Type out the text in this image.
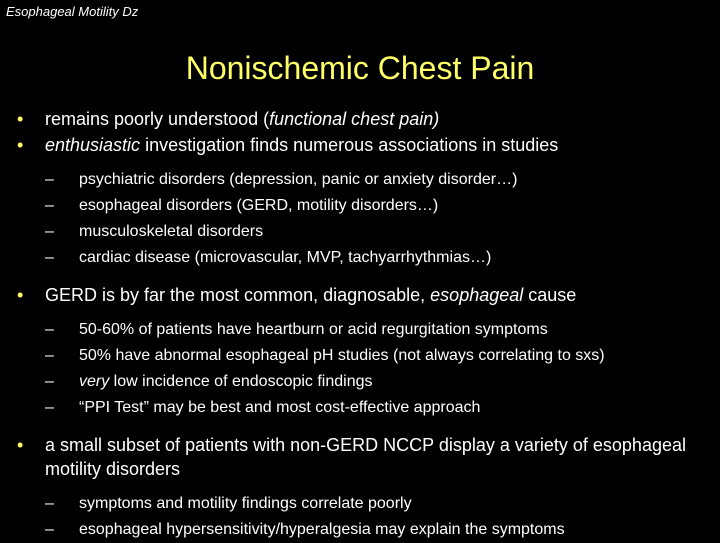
Esophageal Motility Dz
Nonischemic Chest Pain
• remains poorly understood (functional chest pain)
• enthusiastic investigation finds numerous associations in studies
– psychiatric disorders (depression, panic or anxiety disorder…)
– esophageal disorders (GERD, motility disorders…)
– musculoskeletal disorders
– cardiac disease (microvascular, MVP, tachyarrhythmias…)
• GERD is by far the most common, diagnosable, esophageal cause
– 50-60% of patients have heartburn or acid regurgitation symptoms
– 50% have abnormal esophageal pH studies (not always correlating to sxs)
– very low incidence of endoscopic findings
– “PPI Test” may be best and most cost-effective approach
• a small subset of patients with non-GERD NCCP display a variety of esophageal motility disorders
– symptoms and motility findings correlate poorly
– esophageal hypersensitivity/hyperalgesia may explain the symptoms
